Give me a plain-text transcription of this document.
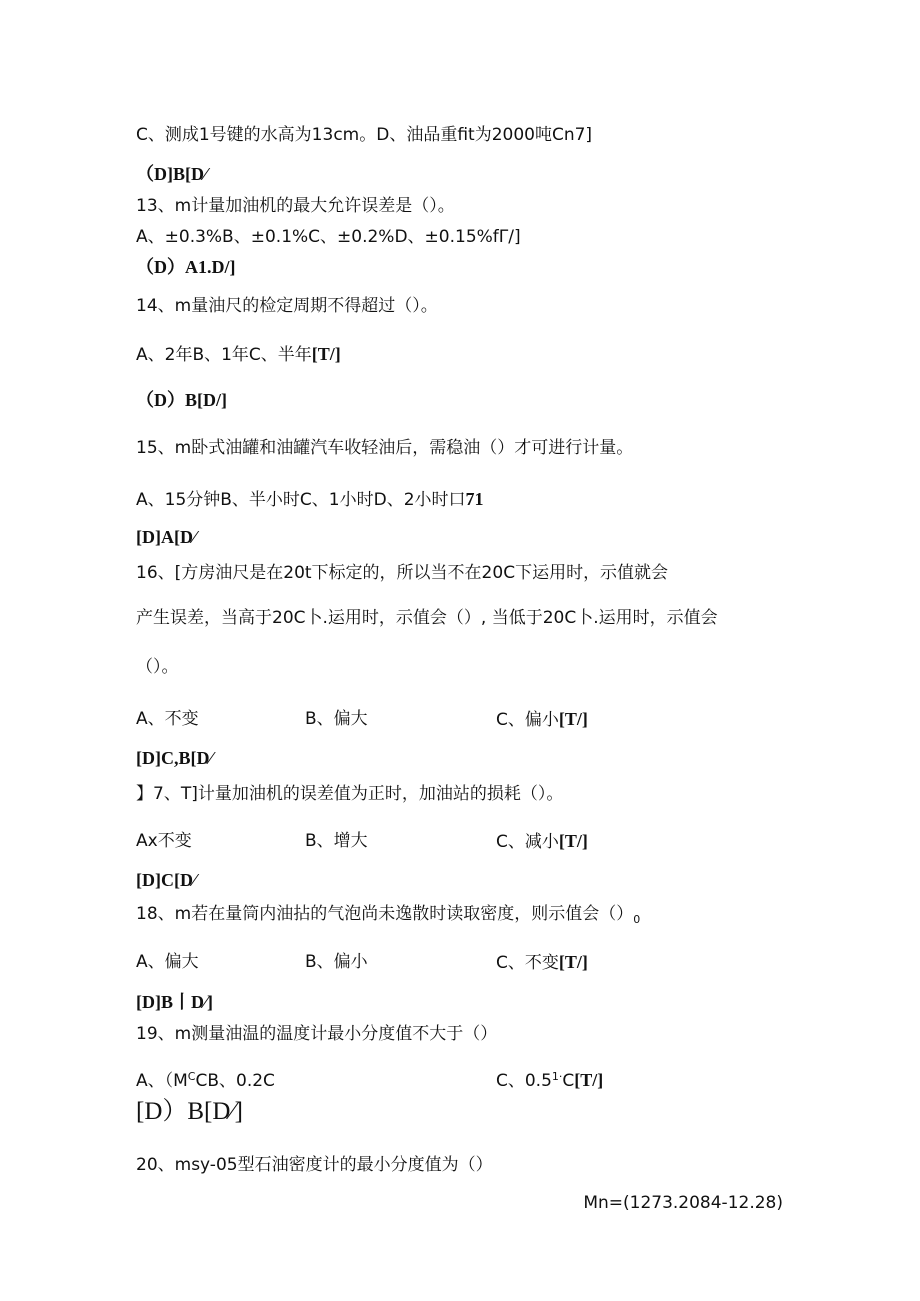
C、测成1号键的水高为13cm。D、油品重fit为2000吨Cn7]
（D]B[D⁄
13、m计量加油机的最大允许误差是（）。
A、±0.3%B、±0.1%C、±0.2%D、±0.15%fΓ/]
（D）A1.D/]
14、m量油尺的检定周期不得超过（）。
A、2年B、1年C、半年[T/]
（D）B[D/]
15、m卧式油罐和油罐汽车收轻油后，需稳油（）才可进行计量。
A、15分钟B、半小时C、1小时D、2小时口71
[D]A[D⁄
16、[方房油尺是在20t下标定的，所以当不在20C下运用时，示值就会
产生误差，当高于20C卜.运用时，示值会（）, 当低于20C卜.运用时，示值会
（）。
A、不变	B、偏大	C、偏小[T/]
[D]C,B[D⁄
】7、T]计量加油机的误差值为正时，加油站的损耗（）。
Ax不变	B、增大	C、减小[T/]
[D]C[D⁄
18、m若在量筒内油拈的气泡尚未逸散时读取密度，则示值会$()_0$
A、偏大	B、偏小	C、不变[T/]
[D]B丨D⁄]
19、m测量油温的温度计最小分度值不大于（）
A、（$M^CCB$、0.2C	C、$0.5^{1\cdot}C[T/]$
[D）B[D⁄]
20、msy-05型石油密度计的最小分度值为（）
Mn=(1273.2084-12.28)
